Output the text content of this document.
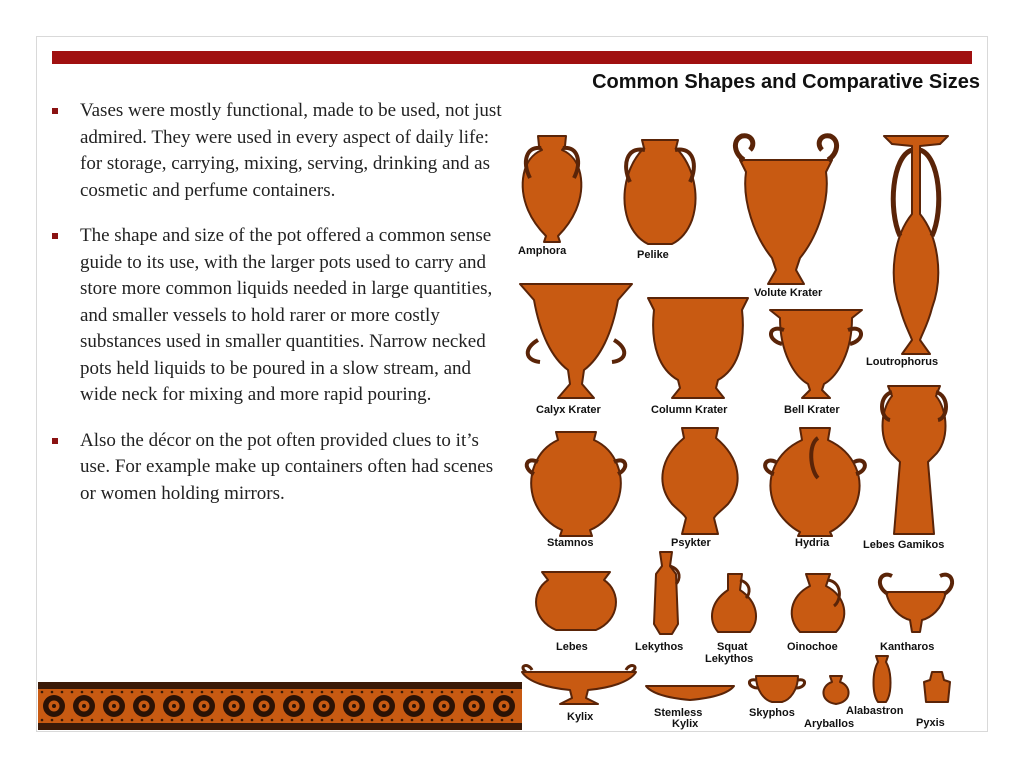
Common Shapes and Comparative Sizes
Vases were mostly functional, made to be used, not just admired. They were used in every aspect of daily life: for storage, carrying, mixing, serving, drinking and as cosmetic and perfume containers.
The shape and size of the pot offered a common sense guide to its use, with the larger pots used to carry and store more common liquids needed in large quantities, and smaller vessels to hold rarer or more costly substances used in smaller quantities. Narrow necked pots held liquids to be poured in a slow stream, and wide neck for mixing and more rapid pouring.
Also the décor on the pot often provided clues to it’s use. For example make up containers often had scenes or women holding mirrors.
Amphora	Pelike
Volute Krater
Loutrophorus
Calyx Krater	Column Krater	Bell Krater
Stamnos	Psykter	Hydria	Lebes Gamikos
Lebes	Lekythos	Squat
Lekythos
Oinochoe	Kantharos
Kylix	Stemless
Kylix
Skyphos
Aryballos
Alabastron
Pyxis
